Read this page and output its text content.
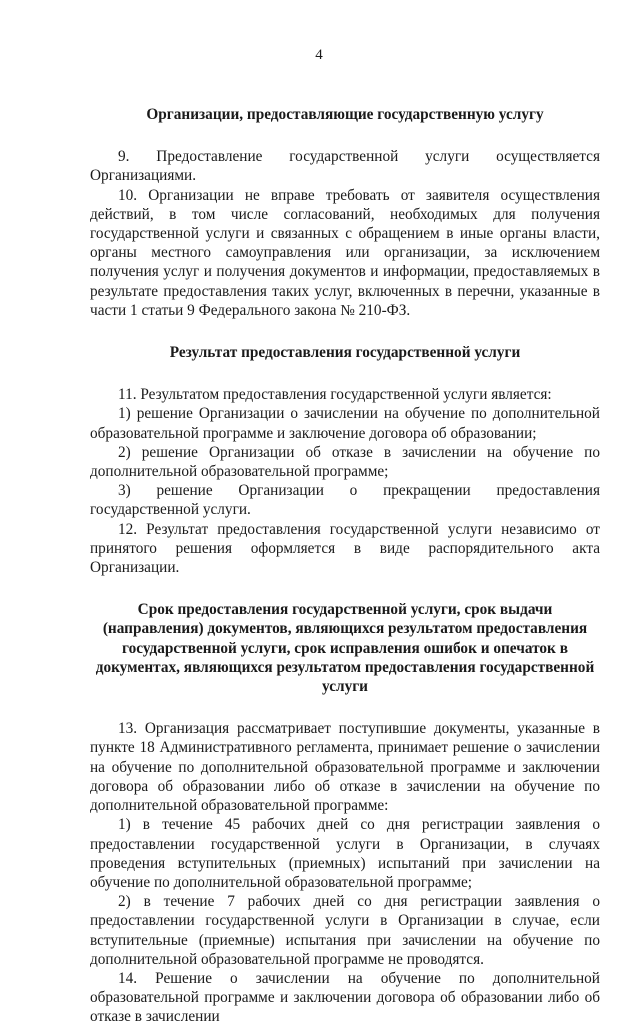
4

Организации, предоставляющие государственную услугу

9. Предоставление государственной услуги осуществляется Организациями.

10. Организации не вправе требовать от заявителя осуществления действий, в том числе согласований, необходимых для получения государственной услуги и связанных с обращением в иные органы власти, органы местного самоуправления или организации, за исключением получения услуг и получения документов и информации, предоставляемых в результате предоставления таких услуг, включенных в перечни, указанные в части 1 статьи 9 Федерального закона № 210-ФЗ.

Результат предоставления государственной услуги

11. Результатом предоставления государственной услуги является:

1) решение Организации о зачислении на обучение по дополнительной образовательной программе и заключение договора об образовании;

2) решение Организации об отказе в зачислении на обучение по дополнительной образовательной программе;

3) решение Организации о прекращении предоставления государственной услуги.

12. Результат предоставления государственной услуги независимо от принятого решения оформляется в виде распорядительного акта Организации.

Срок предоставления государственной услуги, срок выдачи (направления) документов, являющихся результатом предоставления государственной услуги, срок исправления ошибок и опечаток в документах, являющихся результатом предоставления государственной услуги

13. Организация рассматривает поступившие документы, указанные в пункте 18 Административного регламента, принимает решение о зачислении на обучение по дополнительной образовательной программе и заключении договора об образовании либо об отказе в зачислении на обучение по дополнительной образовательной программе:

1) в течение 45 рабочих дней со дня регистрации заявления о предоставлении государственной услуги в Организации, в случаях проведения вступительных (приемных) испытаний при зачислении на обучение по дополнительной образовательной программе;

2) в течение 7 рабочих дней со дня регистрации заявления о предоставлении государственной услуги в Организации в случае, если вступительные (приемные) испытания при зачислении на обучение по дополнительной образовательной программе не проводятся.

14. Решение о зачислении на обучение по дополнительной образовательной программе и заключении договора об образовании либо об отказе в зачислении
